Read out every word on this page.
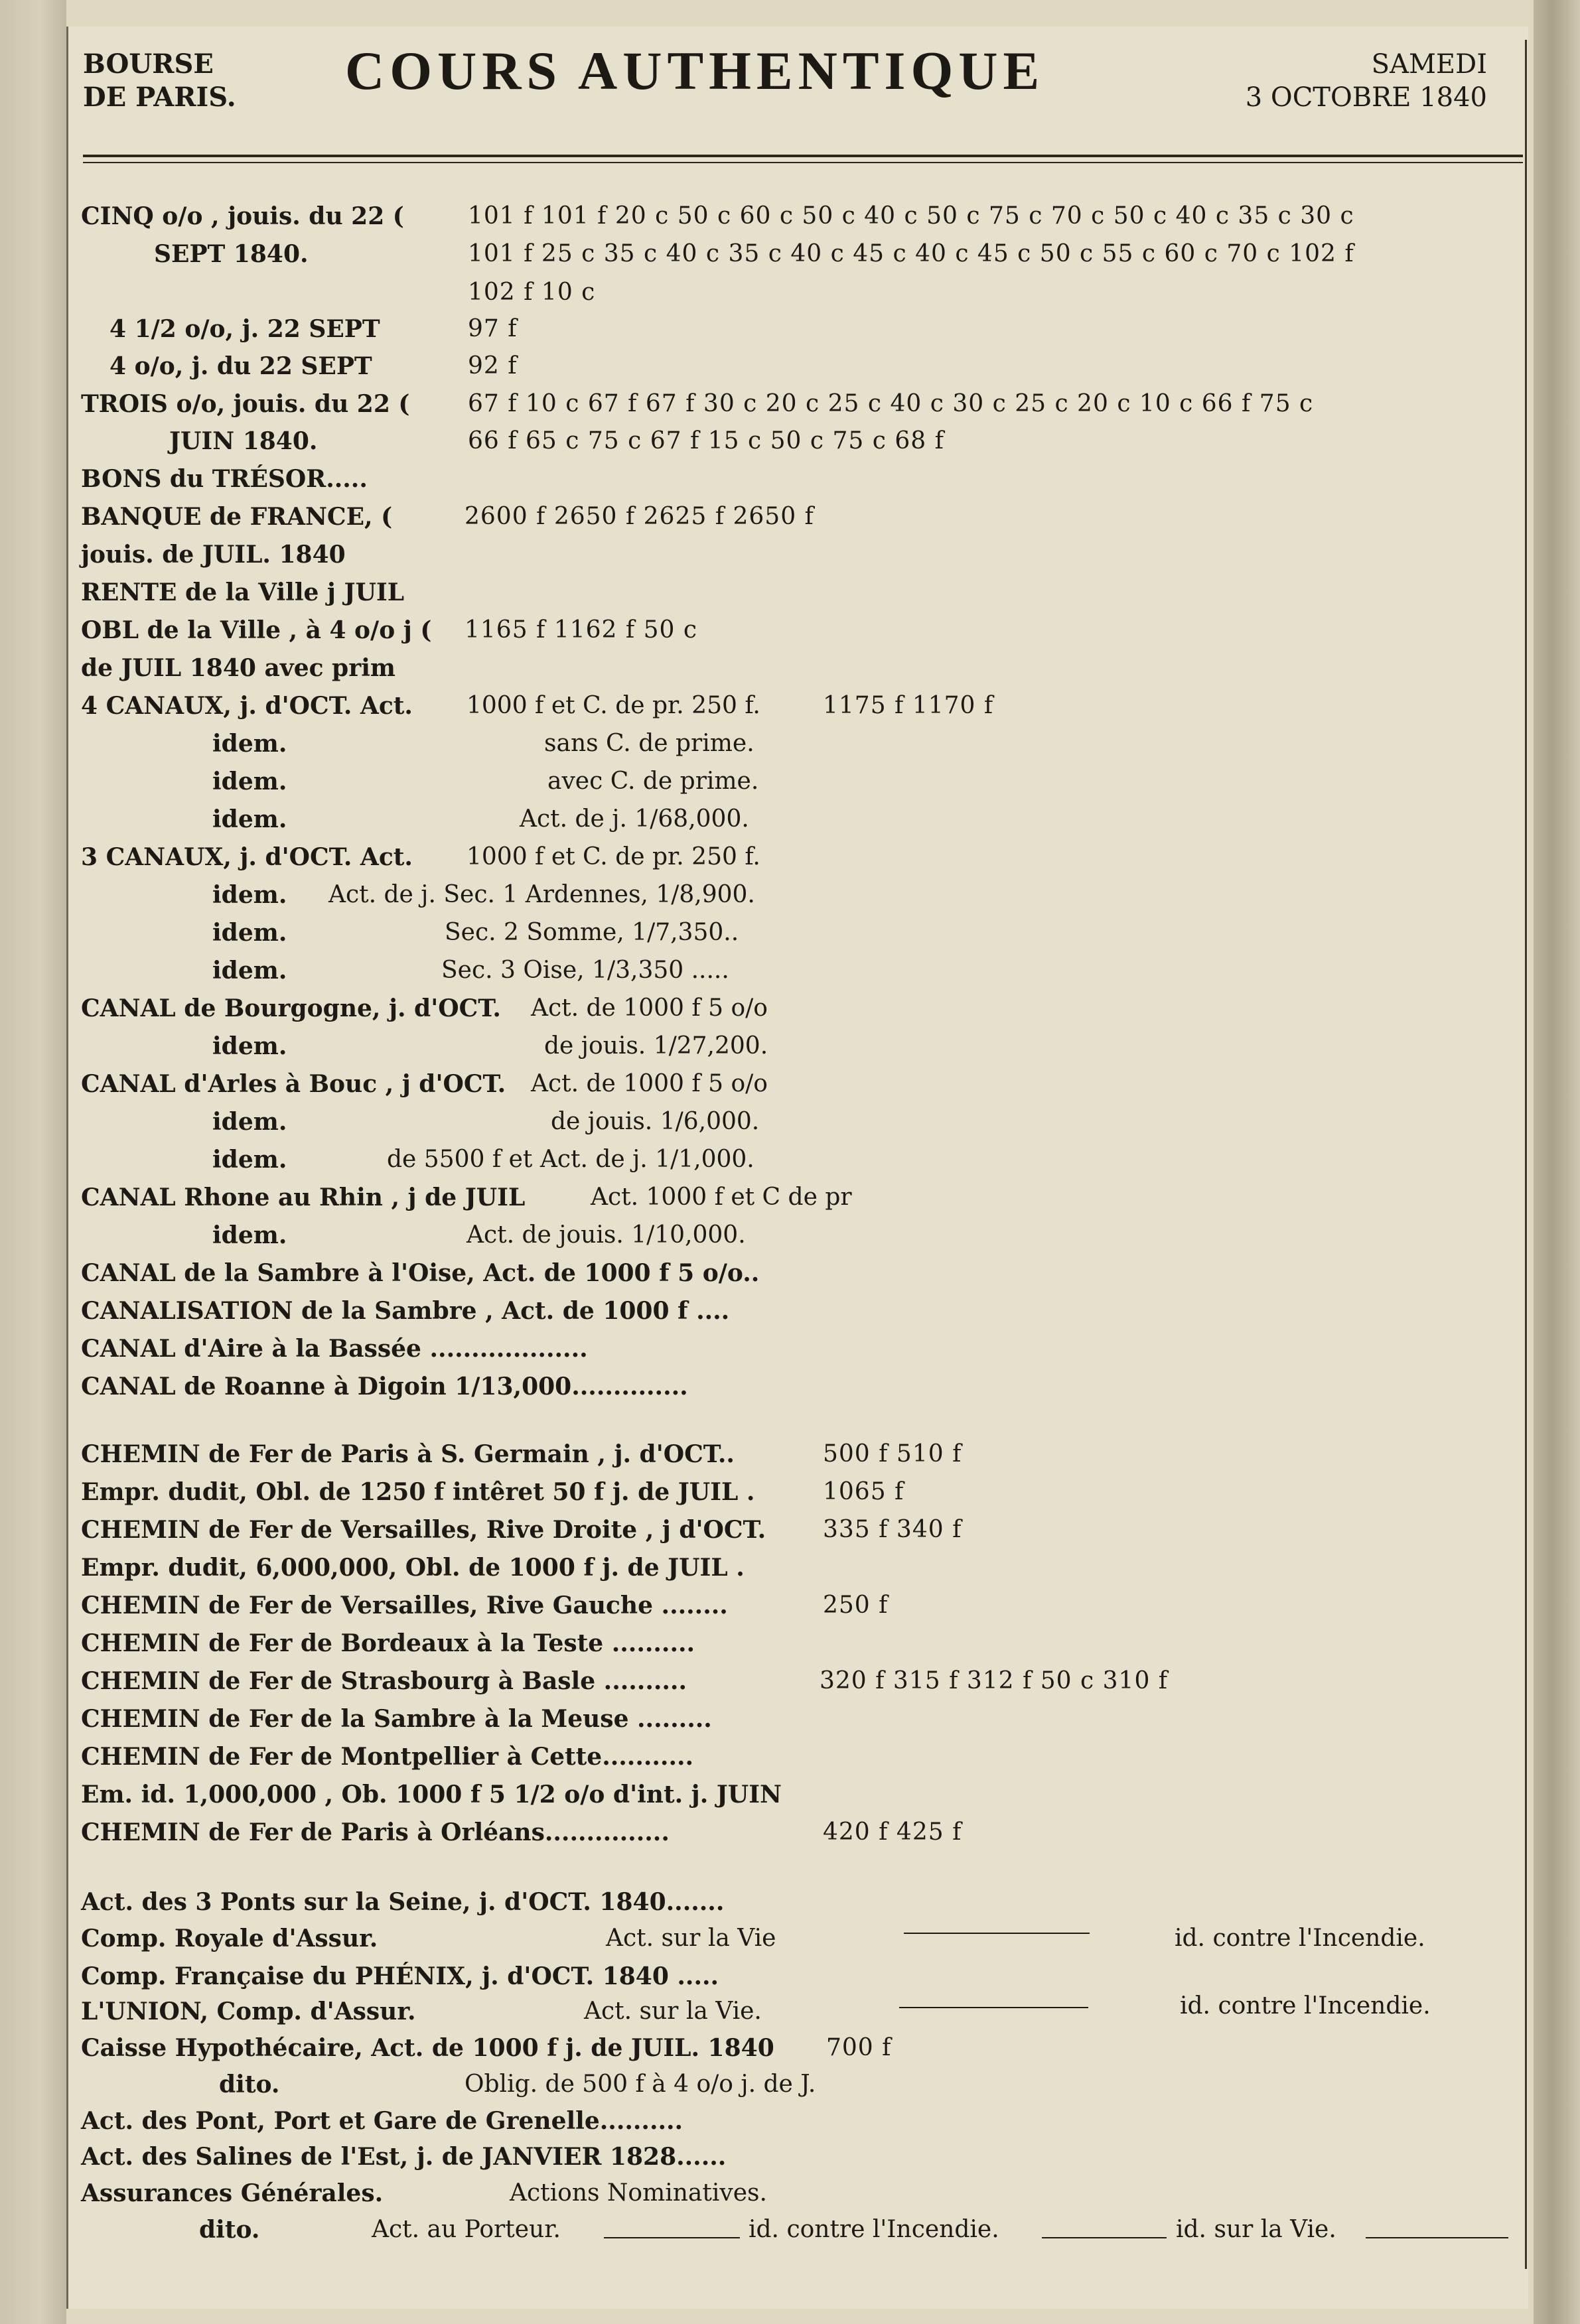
BOURSE
DE PARIS. COURS AUTHENTIQUE	SAMEDI
3 OCTOBRE 1840
CINQ o/o , jouis. du 22 (	101 f 101 f 20 c 50 c 60 c 50 c 40 c 50 c 75 c 70 c 50 c 40 c 35 c 30 c
SEPT 1840.	101 f 25 c 35 c 40 c 35 c 40 c 45 c 40 c 45 c 50 c 55 c 60 c 70 c 102 f
102 f 10 c
4 1/2 o/o, j. 22 SEPT	97 f
4 o/o, j. du 22 SEPT	92 f
TROIS o/o, jouis. du 22 ( 67 f 10 c 67 f 67 f 30 c 20 c 25 c 40 c 30 c 25 c 20 c 10 c 66 f 75 c
JUIN 1840.	66 f 65 c 75 c 67 f 15 c 50 c 75 c 68 f
BONS du TRÉSOR.....
BANQUE de FRANCE, (	2600 f 2650 f 2625 f 2650 f
jouis. de JUIL. 1840
RENTE de la Ville j JUIL
OBL de la Ville , à 4 o/o j ( 1165 f 1162 f 50 c
de JUIL 1840 avec prim
4 CANAUX, j. d'OCT. Act. 1000 f et C. de pr. 250 f.	1175 f 1170 f
idem.	sans C. de prime.
idem.	avec C. de prime.
idem.	Act. de j. 1/68,000.
3 CANAUX, j. d'OCT. Act. 1000 f et C. de pr. 250 f.
idem. Act. de j. Sec. 1 Ardennes, 1/8,900.
idem.	Sec. 2 Somme, 1/7,350..
idem.	Sec. 3 Oise, 1/3,350 .....
CANAL de Bourgogne, j. d'OCT. Act. de 1000 f 5 o/o
idem.	de jouis. 1/27,200.
CANAL d'Arles à Bouc , j d'OCT. Act. de 1000 f 5 o/o
idem.	de jouis. 1/6,000.
idem.	de 5500 f et Act. de j. 1/1,000.
CANAL Rhone au Rhin , j de JUIL	Act. 1000 f et C de pr
idem.	Act. de jouis. 1/10,000.
CANAL de la Sambre à l'Oise, Act. de 1000 f 5 o/o..
CANALISATION de la Sambre , Act. de 1000 f ....
CANAL d'Aire à la Bassée ...................
CANAL de Roanne à Digoin 1/13,000..............
CHEMIN de Fer de Paris à S. Germain , j. d'OCT..	500 f 510 f
Empr. dudit, Obl. de 1250 f intêret 50 f j. de JUIL .	1065 f
CHEMIN de Fer de Versailles, Rive Droite , j d'OCT. 335 f 340 f
Empr. dudit, 6,000,000, Obl. de 1000 f j. de JUIL .
CHEMIN de Fer de Versailles, Rive Gauche ........	250 f
CHEMIN de Fer de Bordeaux à la Teste ..........
CHEMIN de Fer de Strasbourg à Basle ..........	320 f 315 f 312 f 50 c 310 f
CHEMIN de Fer de la Sambre à la Meuse .........
CHEMIN de Fer de Montpellier à Cette...........
Em. id. 1,000,000 , Ob. 1000 f 5 1/2 o/o d'int. j. JUIN
CHEMIN de Fer de Paris à Orléans...............	420 f 425 f
Act. des 3 Ponts sur la Seine, j. d'OCT. 1840.......
Comp. Royale d'Assur.	Act. sur la Vie	id. contre l'Incendie.
Comp. Française du PHÉNIX, j. d'OCT. 1840 .....
L'UNION, Comp. d'Assur.	Act. sur la Vie.	id. contre l'Incendie.
Caisse Hypothécaire, Act. de 1000 f j. de JUIL. 1840 700 f
dito.	Oblig. de 500 f à 4 o/o j. de J.
Act. des Pont, Port et Gare de Grenelle..........
Act. des Salines de l'Est, j. de JANVIER 1828......
Assurances Générales.	Actions Nominatives.
dito.	Act. au Porteur.	id. contre l'Incendie.	id. sur la Vie.
